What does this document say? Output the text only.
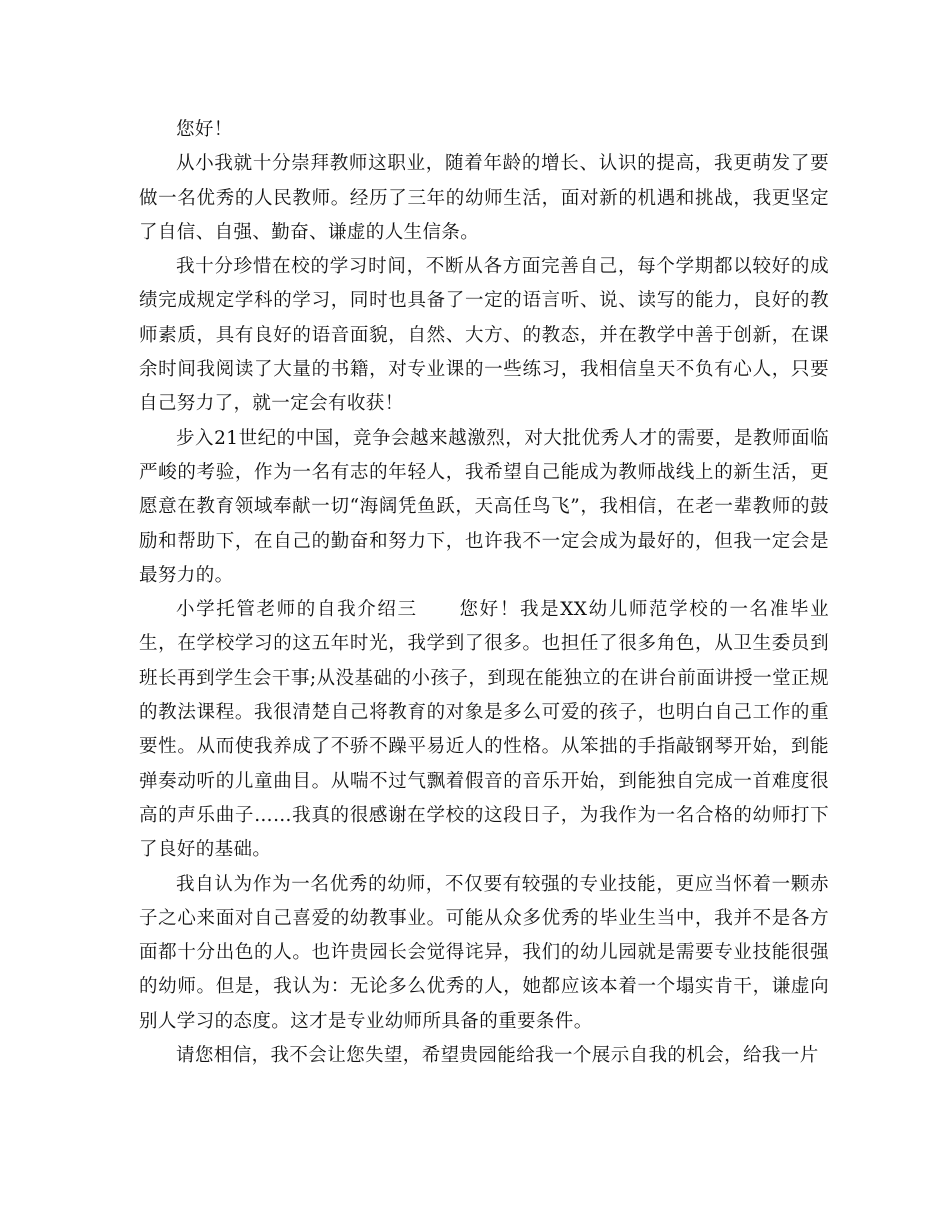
您好！

从小我就十分崇拜教师这职业，随着年龄的增长、认识的提高，我更萌发了要做一名优秀的人民教师。经历了三年的幼师生活，面对新的机遇和挑战，我更坚定了自信、自强、勤奋、谦虚的人生信条。

我十分珍惜在校的学习时间，不断从各方面完善自己，每个学期都以较好的成绩完成规定学科的学习，同时也具备了一定的语言听、说、读写的能力，良好的教师素质，具有良好的语音面貌，自然、大方、的教态，并在教学中善于创新，在课余时间我阅读了大量的书籍，对专业课的一些练习，我相信皇天不负有心人，只要自己努力了，就一定会有收获！

步入21世纪的中国，竞争会越来越激烈，对大批优秀人才的需要，是教师面临严峻的考验，作为一名有志的年轻人，我希望自己能成为教师战线上的新生活，更愿意在教育领域奉献一切“海阔凭鱼跃，天高任鸟飞”，我相信，在老一辈教师的鼓励和帮助下，在自己的勤奋和努力下，也许我不一定会成为最好的，但我一定会是最努力的。

小学托管老师的自我介绍三 您好！我是XX幼儿师范学校的一名准毕业生，在学校学习的这五年时光，我学到了很多。也担任了很多角色，从卫生委员到班长再到学生会干事;从没基础的小孩子，到现在能独立的在讲台前面讲授一堂正规的教法课程。我很清楚自己将教育的对象是多么可爱的孩子，也明白自己工作的重要性。从而使我养成了不骄不躁平易近人的性格。从笨拙的手指敲钢琴开始，到能弹奏动听的儿童曲目。从喘不过气飘着假音的音乐开始，到能独自完成一首难度很高的声乐曲子……我真的很感谢在学校的这段日子，为我作为一名合格的幼师打下了良好的基础。

我自认为作为一名优秀的幼师，不仅要有较强的专业技能，更应当怀着一颗赤子之心来面对自己喜爱的幼教事业。可能从众多优秀的毕业生当中，我并不是各方面都十分出色的人。也许贵园长会觉得诧异，我们的幼儿园就是需要专业技能很强的幼师。但是，我认为：无论多么优秀的人，她都应该本着一个塌实肯干，谦虚向别人学习的态度。这才是专业幼师所具备的重要条件。

请您相信，我不会让您失望，希望贵园能给我一个展示自我的机会，给我一片
